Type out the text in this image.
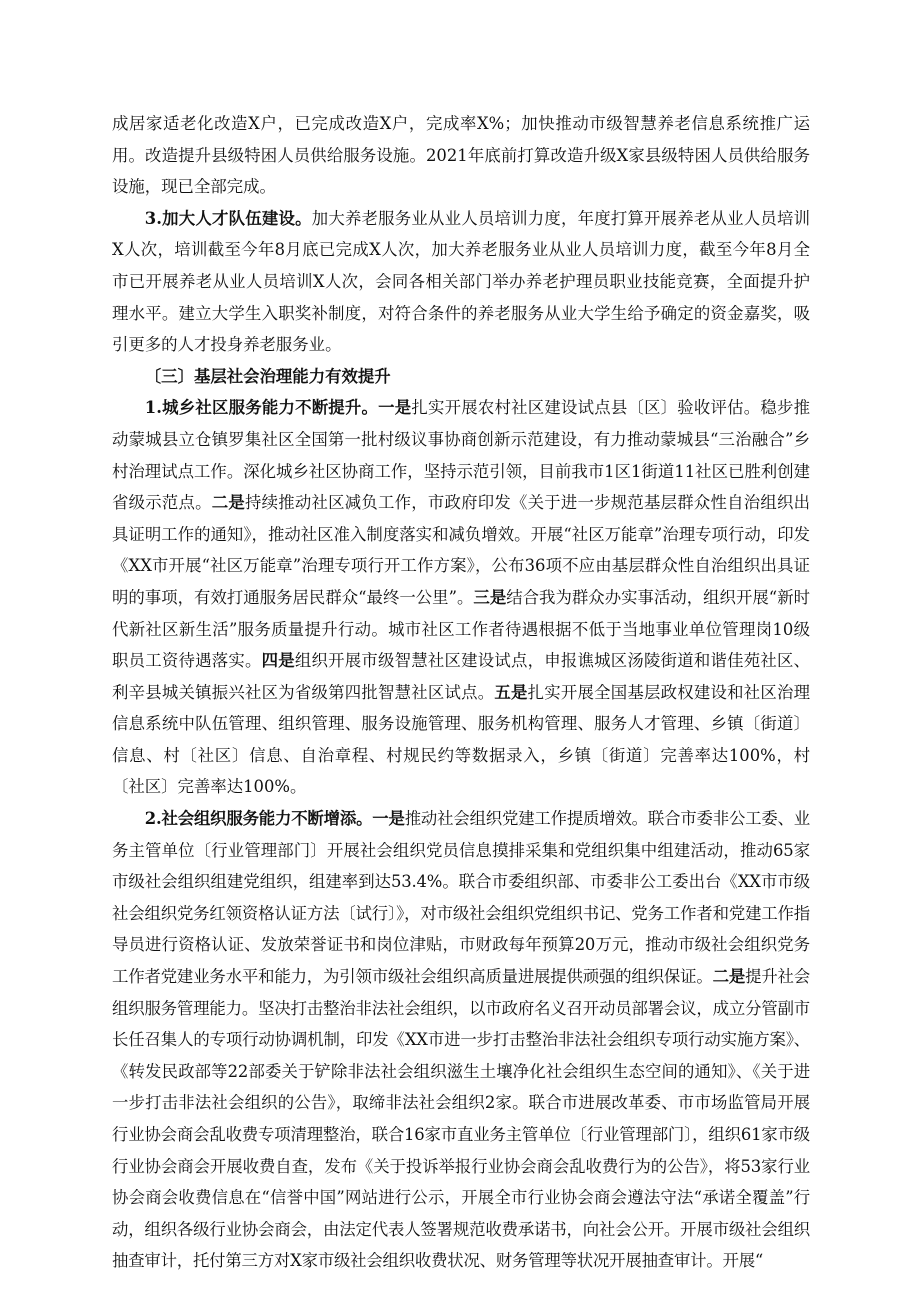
成居家适老化改造X户，已完成改造X户，完成率X%；加快推动市级智慧养老信息系统推广运用。改造提升县级特困人员供给服务设施。2021年底前打算改造升级X家县级特困人员供给服务设施，现已全部完成。

3.加大人才队伍建设。加大养老服务业从业人员培训力度，年度打算开展养老从业人员培训X人次，培训截至今年8月底已完成X人次，加大养老服务业从业人员培训力度，截至今年8月全市已开展养老从业人员培训X人次，会同各相关部门举办养老护理员职业技能竞赛，全面提升护理水平。建立大学生入职奖补制度，对符合条件的养老服务从业大学生给予确定的资金嘉奖，吸引更多的人才投身养老服务业。

〔三〕基层社会治理能力有效提升

1.城乡社区服务能力不断提升。一是扎实开展农村社区建设试点县〔区〕验收评估。稳步推动蒙城县立仓镇罗集社区全国第一批村级议事协商创新示范建设，有力推动蒙城县“三治融合”乡村治理试点工作。深化城乡社区协商工作，坚持示范引领，目前我市1区1街道11社区已胜利创建省级示范点。二是持续推动社区减负工作，市政府印发《关于进一步规范基层群众性自治组织出具证明工作的通知》，推动社区准入制度落实和减负增效。开展“社区万能章”治理专项行动，印发《XX市开展“社区万能章”治理专项行开工作方案》，公布36项不应由基层群众性自治组织出具证明的事项，有效打通服务居民群众“最终一公里”。三是结合我为群众办实事活动，组织开展“新时代新社区新生活”服务质量提升行动。城市社区工作者待遇根据不低于当地事业单位管理岗10级职员工资待遇落实。四是组织开展市级智慧社区建设试点，申报谯城区汤陵街道和谐佳苑社区、利辛县城关镇振兴社区为省级第四批智慧社区试点。五是扎实开展全国基层政权建设和社区治理信息系统中队伍管理、组织管理、服务设施管理、服务机构管理、服务人才管理、乡镇〔街道〕信息、村〔社区〕信息、自治章程、村规民约等数据录入，乡镇〔街道〕完善率达100%，村〔社区〕完善率达100%。

2.社会组织服务能力不断增添。一是推动社会组织党建工作提质增效。联合市委非公工委、业务主管单位〔行业管理部门〕开展社会组织党员信息摸排采集和党组织集中组建活动，推动65家市级社会组织组建党组织，组建率到达53.4%。联合市委组织部、市委非公工委出台《XX市市级社会组织党务红领资格认证方法〔试行〕》，对市级社会组织党组织书记、党务工作者和党建工作指导员进行资格认证、发放荣誉证书和岗位津贴，市财政每年预算20万元，推动市级社会组织党务工作者党建业务水平和能力，为引领市级社会组织高质量进展提供顽强的组织保证。二是提升社会组织服务管理能力。坚决打击整治非法社会组织，以市政府名义召开动员部署会议，成立分管副市长任召集人的专项行动协调机制，印发《XX市进一步打击整治非法社会组织专项行动实施方案》、《转发民政部等22部委关于铲除非法社会组织滋生土壤净化社会组织生态空间的通知》、《关于进一步打击非法社会组织的公告》，取缔非法社会组织2家。联合市进展改革委、市市场监管局开展行业协会商会乱收费专项清理整治，联合16家市直业务主管单位〔行业管理部门〕，组织61家市级行业协会商会开展收费自查，发布《关于投诉举报行业协会商会乱收费行为的公告》，将53家行业协会商会收费信息在“信誉中国”网站进行公示，开展全市行业协会商会遵法守法“承诺全覆盖”行动，组织各级行业协会商会，由法定代表人签署规范收费承诺书，向社会公开。开展市级社会组织抽查审计，托付第三方对X家市级社会组织收费状况、财务管理等状况开展抽查审计。开展“
